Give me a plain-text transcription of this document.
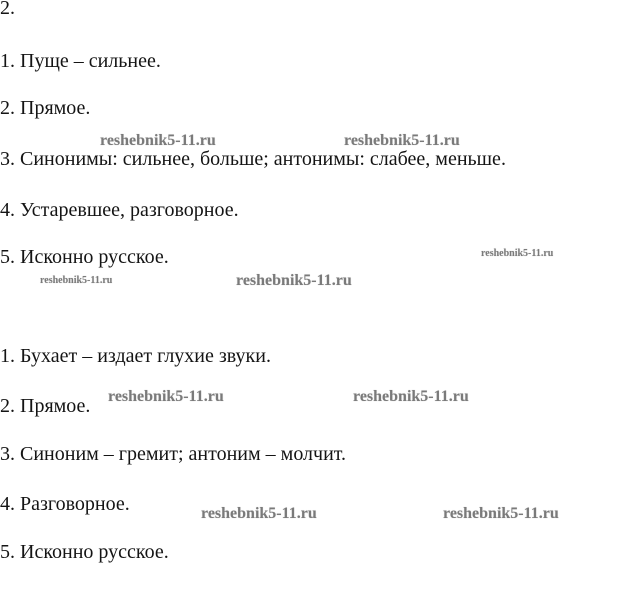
2.
1. Пуще – сильнее.
2. Прямое.
3. Синонимы: сильнее, больше; антонимы: слабее, меньше.
4. Устаревшее, разговорное.
5. Исконно русское.
1. Бухает – издает глухие звуки.
2. Прямое.
3. Синоним – гремит; антоним – молчит.
4. Разговорное.
5. Исконно русское.
reshebnik5-11.ru	reshebnik5-11.ru
reshebnik5-11.ru
reshebnik5-11.ru	reshebnik5-11.ru
reshebnik5-11.ru	reshebnik5-11.ru
reshebnik5-11.ru	reshebnik5-11.ru
